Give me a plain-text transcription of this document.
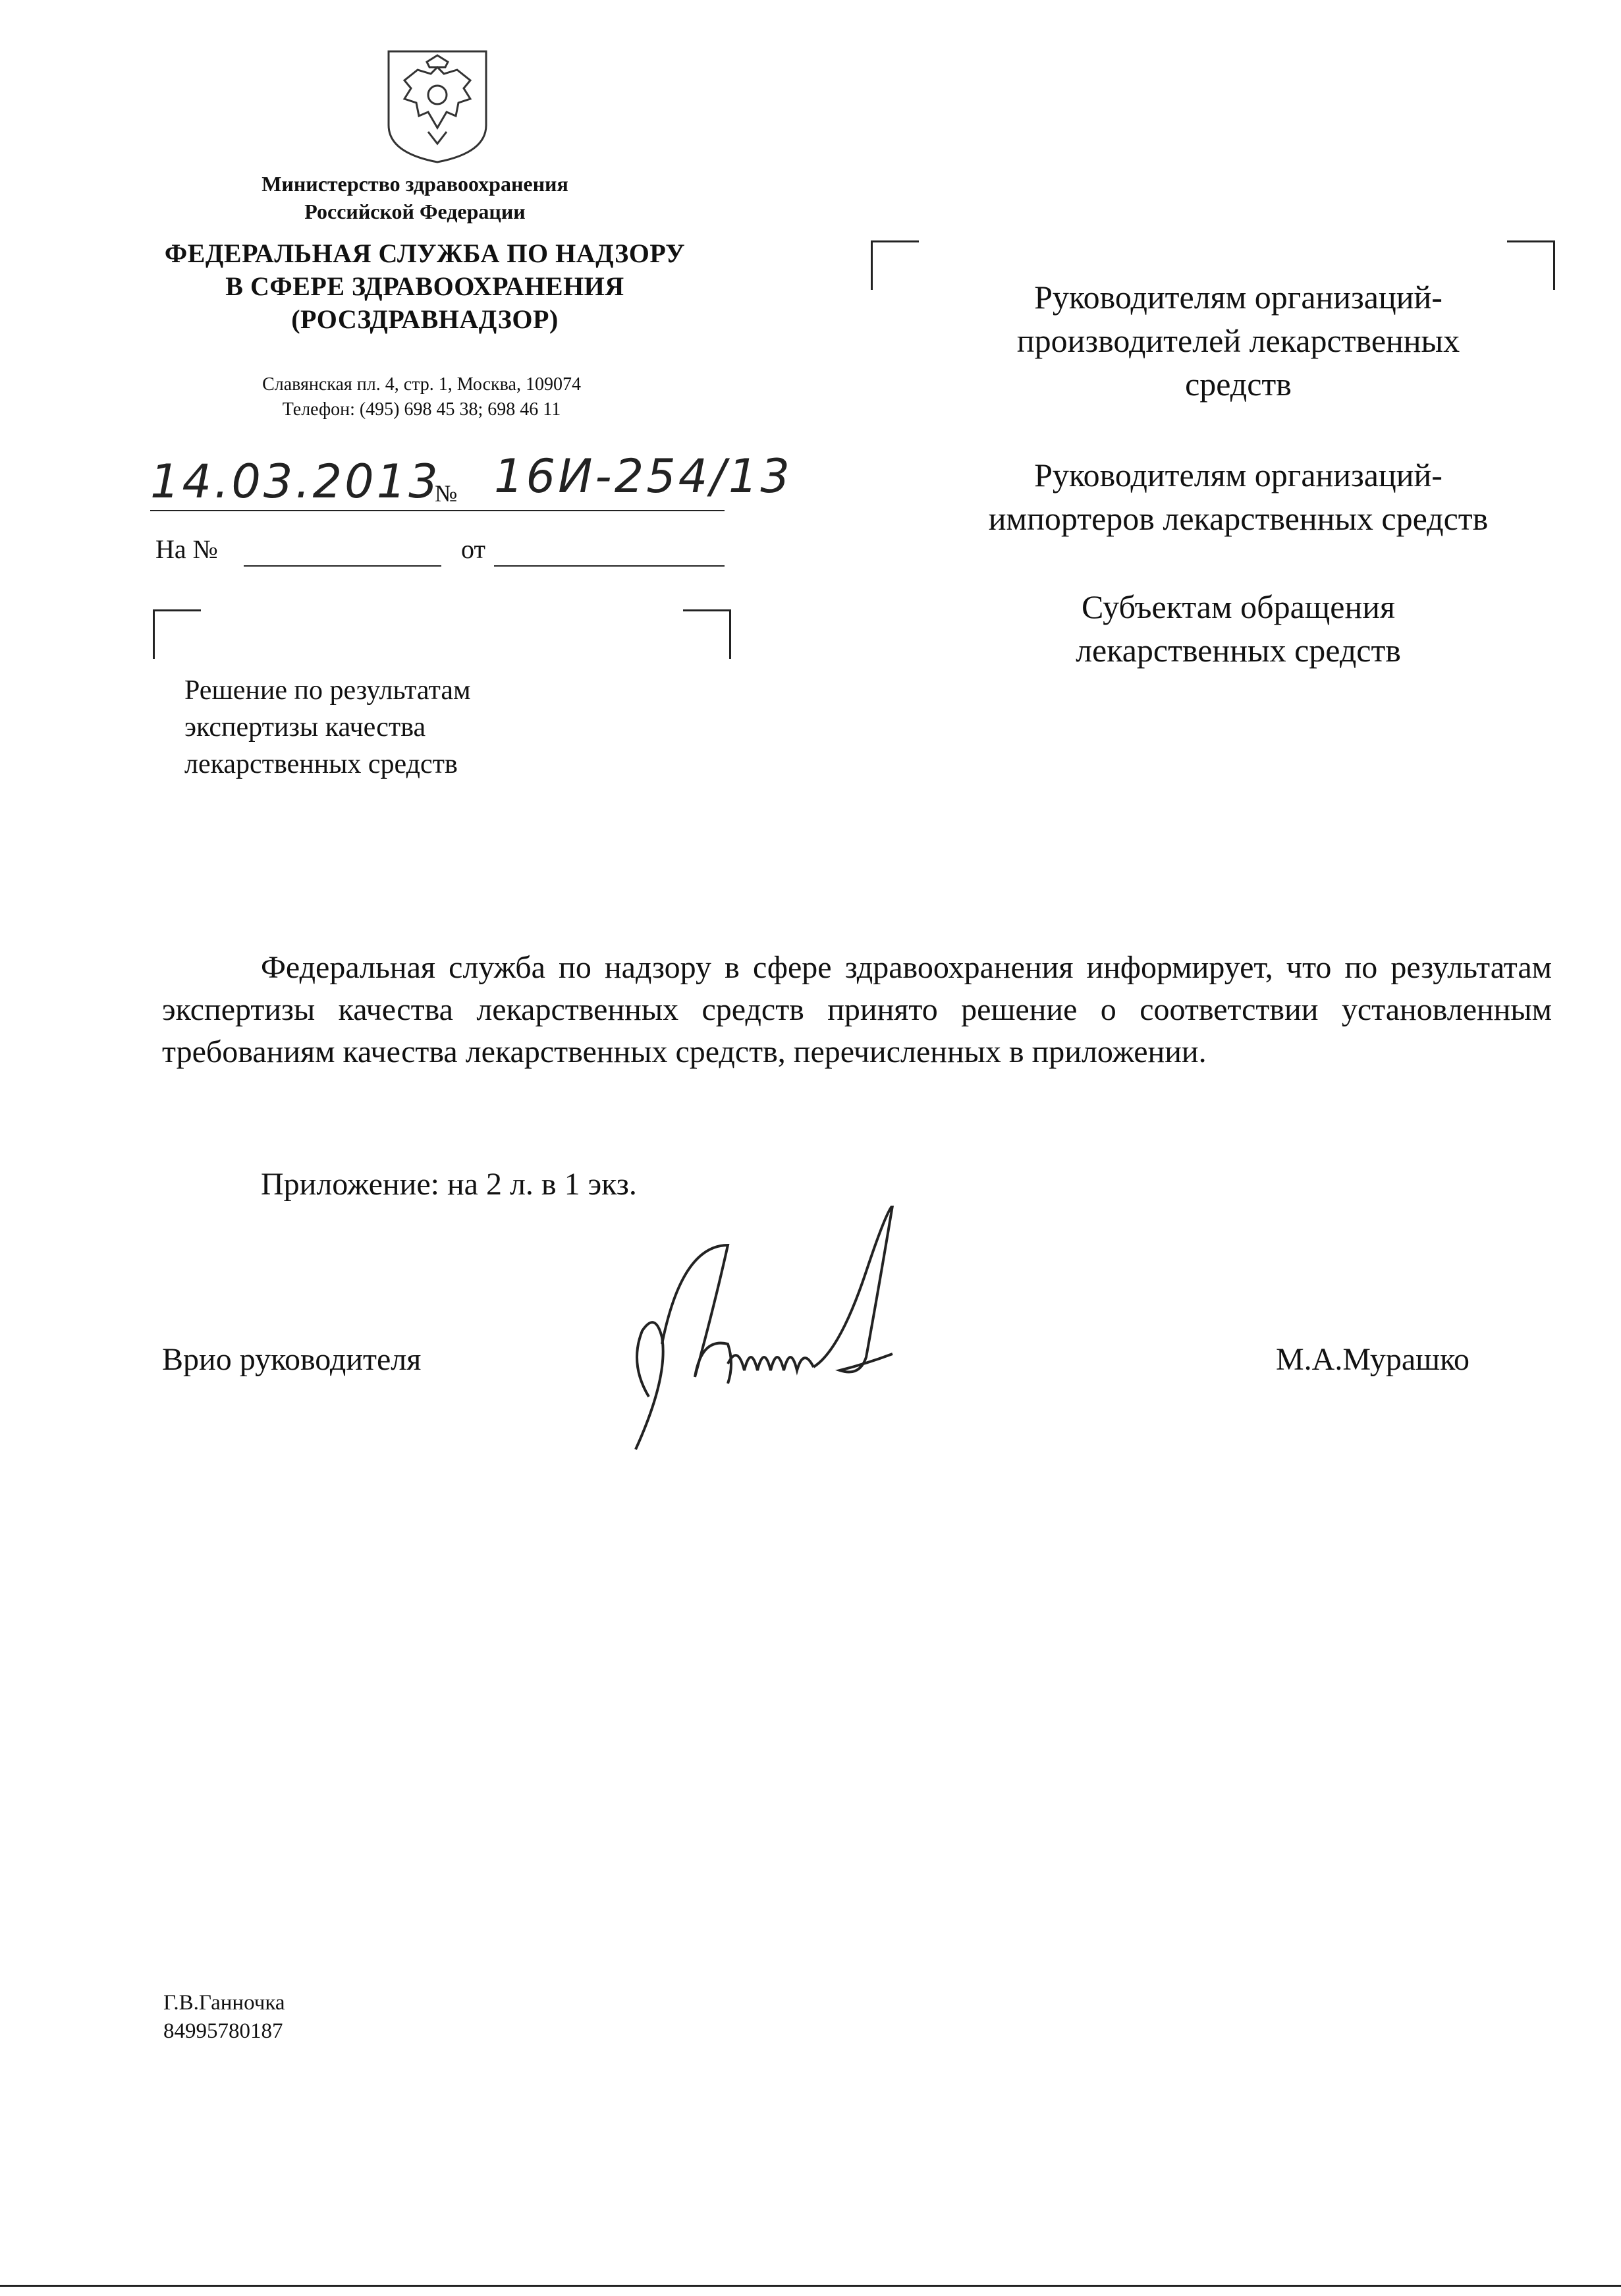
Министерство здравоохранения
Российской Федерации
ФЕДЕРАЛЬНАЯ СЛУЖБА ПО НАДЗОРУ
В СФЕРЕ ЗДРАВООХРАНЕНИЯ
(РОСЗДРАВНАДЗОР)
Славянская пл. 4, стр. 1, Москва, 109074
Телефон: (495) 698 45 38; 698 46 11
14.03.2013
№ 16И-254/13
На №	от
Решение по результатам
экспертизы качества
лекарственных средств
Руководителям организаций-
производителей лекарственных
средств
Руководителям организаций-
импортеров лекарственных средств
Субъектам обращения
лекарственных средств
Федеральная служба по надзору в сфере здравоохранения информирует, что по результатам экспертизы качества лекарственных средств принято решение о соответствии установленным требованиям качества лекарственных средств, перечисленных в приложении.
Приложение: на 2 л. в 1 экз.
Врио руководителя	М.А.Мурашко
Г.В.Ганночка
84995780187
